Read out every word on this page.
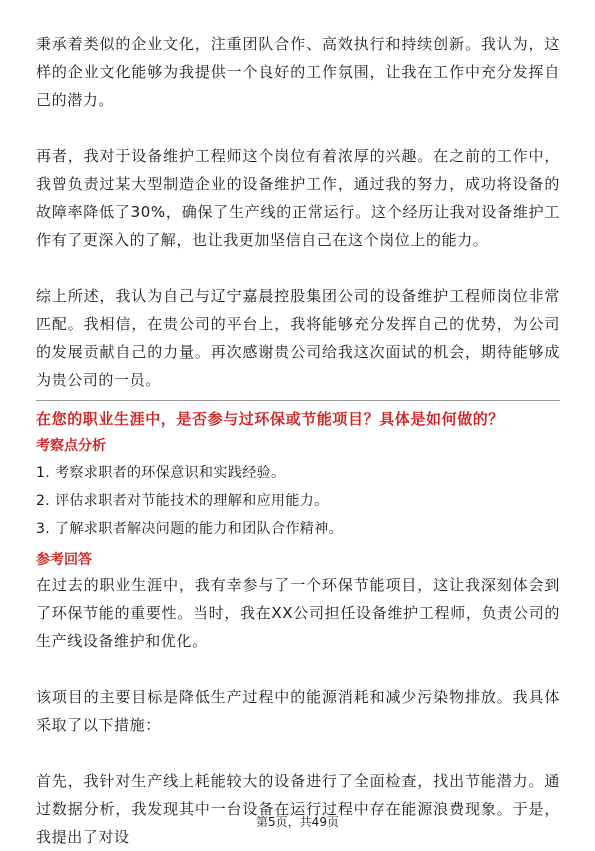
秉承着类似的企业文化，注重团队合作、高效执行和持续创新。我认为，这样的企业文化能够为我提供一个良好的工作氛围，让我在工作中充分发挥自己的潜力。

再者，我对于设备维护工程师这个岗位有着浓厚的兴趣。在之前的工作中，我曾负责过某大型制造企业的设备维护工作，通过我的努力，成功将设备的故障率降低了30%，确保了生产线的正常运行。这个经历让我对设备维护工作有了更深入的了解，也让我更加坚信自己在这个岗位上的能力。

综上所述，我认为自己与辽宁嘉晨控股集团公司的设备维护工程师岗位非常匹配。我相信，在贵公司的平台上，我将能够充分发挥自己的优势，为公司的发展贡献自己的力量。再次感谢贵公司给我这次面试的机会，期待能够成为贵公司的一员。

在您的职业生涯中，是否参与过环保或节能项目？具体是如何做的？

考察点分析

1. 考察求职者的环保意识和实践经验。
2. 评估求职者对节能技术的理解和应用能力。
3. 了解求职者解决问题的能力和团队合作精神。

参考回答

在过去的职业生涯中，我有幸参与了一个环保节能项目，这让我深刻体会到了环保节能的重要性。当时，我在XX公司担任设备维护工程师，负责公司的生产线设备维护和优化。

该项目的主要目标是降低生产过程中的能源消耗和减少污染物排放。我具体采取了以下措施：

首先，我针对生产线上耗能较大的设备进行了全面检查，找出节能潜力。通过数据分析，我发现其中一台设备在运行过程中存在能源浪费现象。于是，我提出了对设

第5页，共49页
